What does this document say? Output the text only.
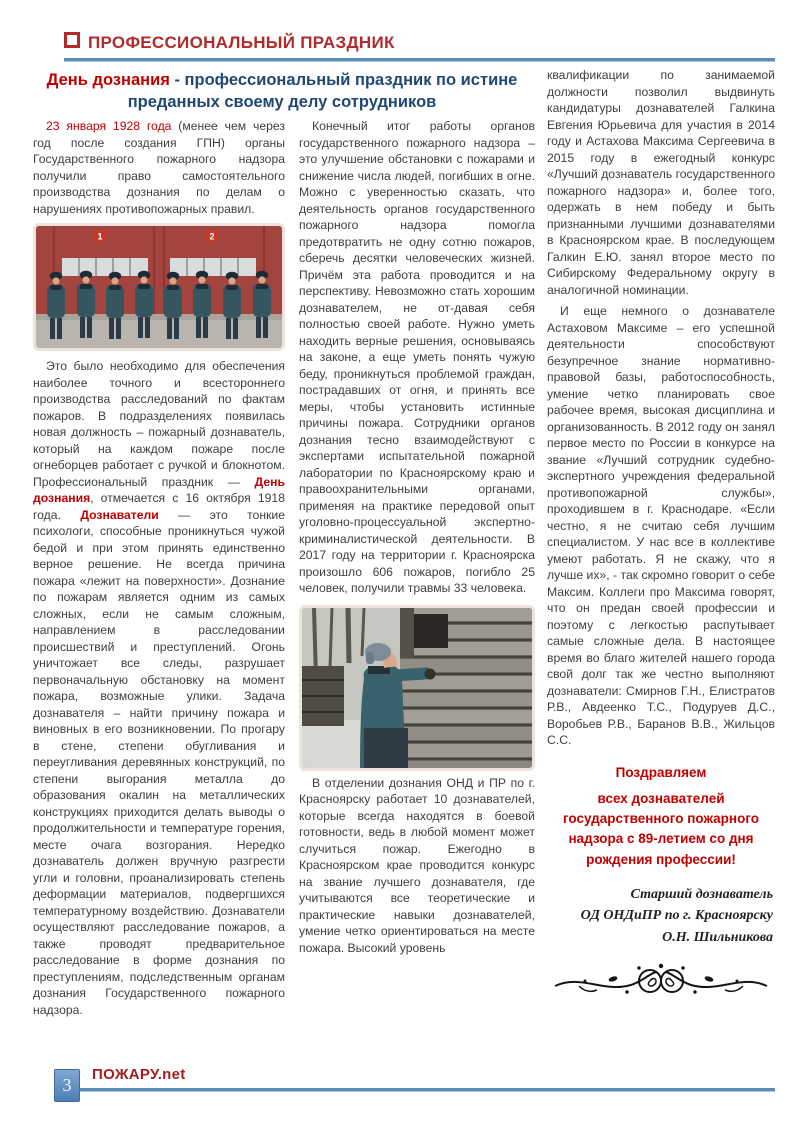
ПРОФЕССИОНАЛЬНЫЙ ПРАЗДНИК
День дознания - профессиональный праздник по истине преданных своему делу сотрудников

23 января 1928 года (менее чем через год после создания ГПН) органы Государственного пожарного надзора получили право самостоятельного производства дознания по делам о нарушениях противопожарных правил.

1	2

Это было необходимо для обеспечения наиболее точного и всестороннего производства расследований по фактам пожаров. В подразделениях появилась новая должность – пожарный дознаватель, который на каждом пожаре после огнеборцев работает с ручкой и блокнотом. Профессиональный праздник — День дознания, отмечается с 16 октября 1918 года. Дознаватели — это тонкие психологи, способные проникнуться чужой бедой и при этом принять единственно верное решение. Не всегда причина пожара «лежит на поверхности». Дознание по пожарам является одним из самых сложных, если не самым сложным, направлением в расследовании происшествий и преступлений. Огонь уничтожает все следы, разрушает первоначальную обстановку на момент пожара, возможные улики. Задача дознавателя – найти причину пожара и виновных в его возникновении. По прогару в стене, степени обугливания и переугливания деревянных конструкций, по степени выгорания металла до образования окалин на металлических конструкциях приходится делать выводы о продолжительности и температуре горения, месте очага возгорания. Нередко дознаватель должен вручную разгрести угли и головни, проанализировать степень деформации материалов, подвергшихся температурному воздействию. Дознаватели осуществляют расследование пожаров, а также проводят предварительное расследование в форме дознания по преступлениям, подследственным органам дознания Государственного пожарного надзора.

Конечный итог работы органов государственного пожарного надзора – это улучшение обстановки с пожарами и снижение числа людей, погибших в огне. Можно с уверенностью сказать, что деятельность органов государственного пожарного надзора помогла предотвратить не одну сотню пожаров, сберечь десятки человеческих жизней. Причём эта работа проводится и на перспективу. Невозможно стать хорошим дознавателем, не от-давая себя полностью своей работе. Нужно уметь находить верные решения, основываясь на законе, а еще уметь понять чужую беду, проникнуться проблемой граждан, пострадавших от огня, и принять все меры, чтобы установить истинные причины пожара. Сотрудники органов дознания тесно взаимодействуют с экспертами испытательной пожарной лаборатории по Красноярскому краю и правоохранительными органами, применяя на практике передовой опыт уголовно-процессуальной экспертно-криминалистической деятельности. В 2017 году на территории г. Красноярска произошло 606 пожаров, погибло 25 человек, получили травмы 33 человека.

В отделении дознания ОНД и ПР по г. Красноярску работает 10 дознавателей, которые всегда находятся в боевой готовности, ведь в любой момент может случиться пожар. Ежегодно в Красноярском крае проводится конкурс на звание лучшего дознавателя, где учитываются все теоретические и практические навыки дознавателей, умение четко ориентироваться на месте пожара. Высокий уровень

квалификации по занимаемой должности позволил выдвинуть кандидатуры дознавателей Галкина Евгения Юрьевича для участия в 2014 году и Астахова Максима Сергеевича в 2015 году в ежегодный конкурс «Лучший дознаватель государственного пожарного надзора» и, более того, одержать в нем победу и быть признанными лучшими дознавателями в Красноярском крае. В последующем Галкин Е.Ю. занял второе место по Сибирскому Федеральному округу в аналогичной номинации.

И еще немного о дознавателе Астаховом Максиме – его успешной деятельности способствуют безупречное знание нормативно-правовой базы, работоспособность, умение четко планировать свое рабочее время, высокая дисциплина и организованность. В 2012 году он занял первое место по России в конкурсе на звание «Лучший сотрудник судебно-экспертного учреждения федеральной противопожарной службы», проходившем в г. Краснодаре. «Если честно, я не считаю себя лучшим специалистом. У нас все в коллективе умеют работать. Я не скажу, что я лучше их», - так скромно говорит о себе Максим. Коллеги про Максима говорят, что он предан своей профессии и поэтому с легкостью распутывает самые сложные дела. В настоящее время во благо жителей нашего города свой долг так же честно выполняют дознаватели: Смирнов Г.Н., Елистратов Р.В., Авдеенко Т.С., Подуруев Д.С., Воробьев Р.В., Баранов В.В., Жильцов С.С.

Поздравляем
всех дознавателей государственного пожарного надзора с 89-летием со дня рождения профессии!
Старший дознаватель
ОД ОНДиПР по г. Красноярску
О.Н. Шильникова
3
ПОЖАРУ.net
